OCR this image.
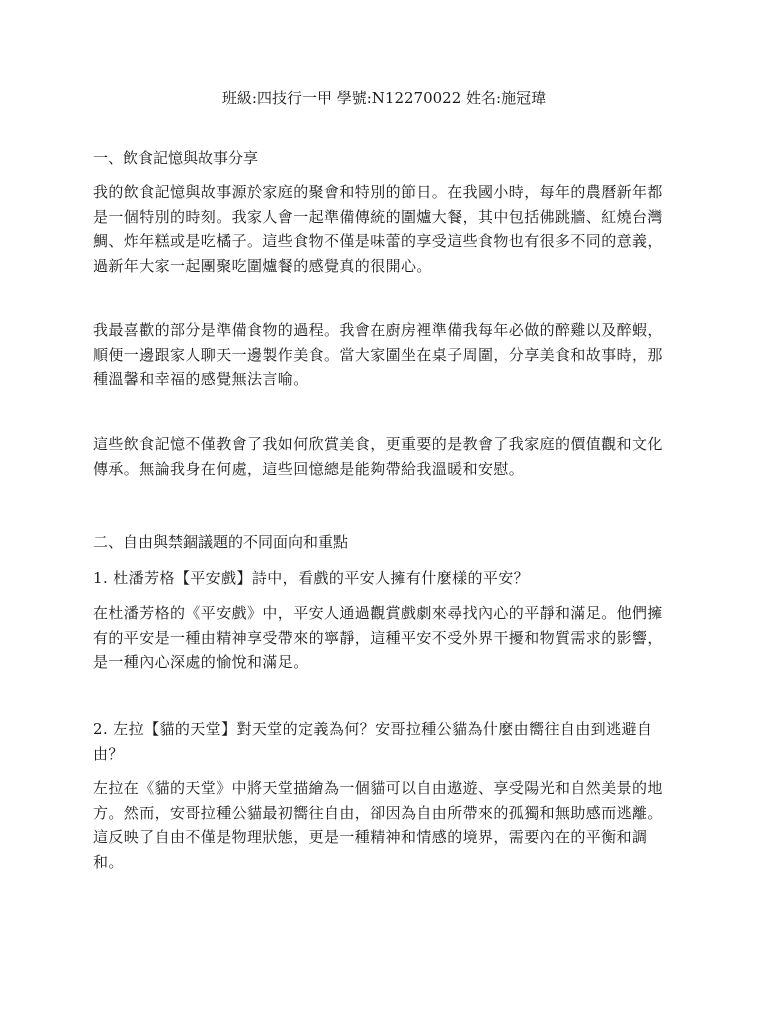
班級:四技行一甲 學號:N12270022 姓名:施冠瑋
一、飲食記憶與故事分享
我的飲食記憶與故事源於家庭的聚會和特別的節日。在我國小時，每年的農曆新年都
是一個特別的時刻。我家人會一起準備傳統的圍爐大餐，其中包括佛跳牆、紅燒台灣
鯛、炸年糕或是吃橘子。這些食物不僅是味蕾的享受這些食物也有很多不同的意義，
過新年大家一起團聚吃圍爐餐的感覺真的很開心。
我最喜歡的部分是準備食物的過程。我會在廚房裡準備我每年必做的醉雞以及醉蝦，
順便一邊跟家人聊天一邊製作美食。當大家圍坐在桌子周圍，分享美食和故事時，那
種溫馨和幸福的感覺無法言喻。
這些飲食記憶不僅教會了我如何欣賞美食，更重要的是教會了我家庭的價值觀和文化
傳承。無論我身在何處，這些回憶總是能夠帶給我溫暖和安慰。
二、自由與禁錮議題的不同面向和重點
1. 杜潘芳格【平安戲】詩中，看戲的平安人擁有什麼樣的平安？
在杜潘芳格的《平安戲》中，平安人通過觀賞戲劇來尋找內心的平靜和滿足。他們擁
有的平安是一種由精神享受帶來的寧靜，這種平安不受外界干擾和物質需求的影響，
是一種內心深處的愉悅和滿足。
2. 左拉【貓的天堂】對天堂的定義為何？安哥拉種公貓為什麼由嚮往自由到逃避自
由？
左拉在《貓的天堂》中將天堂描繪為一個貓可以自由遨遊、享受陽光和自然美景的地
方。然而，安哥拉種公貓最初嚮往自由，卻因為自由所帶來的孤獨和無助感而逃離。
這反映了自由不僅是物理狀態，更是一種精神和情感的境界，需要內在的平衡和調
和。
